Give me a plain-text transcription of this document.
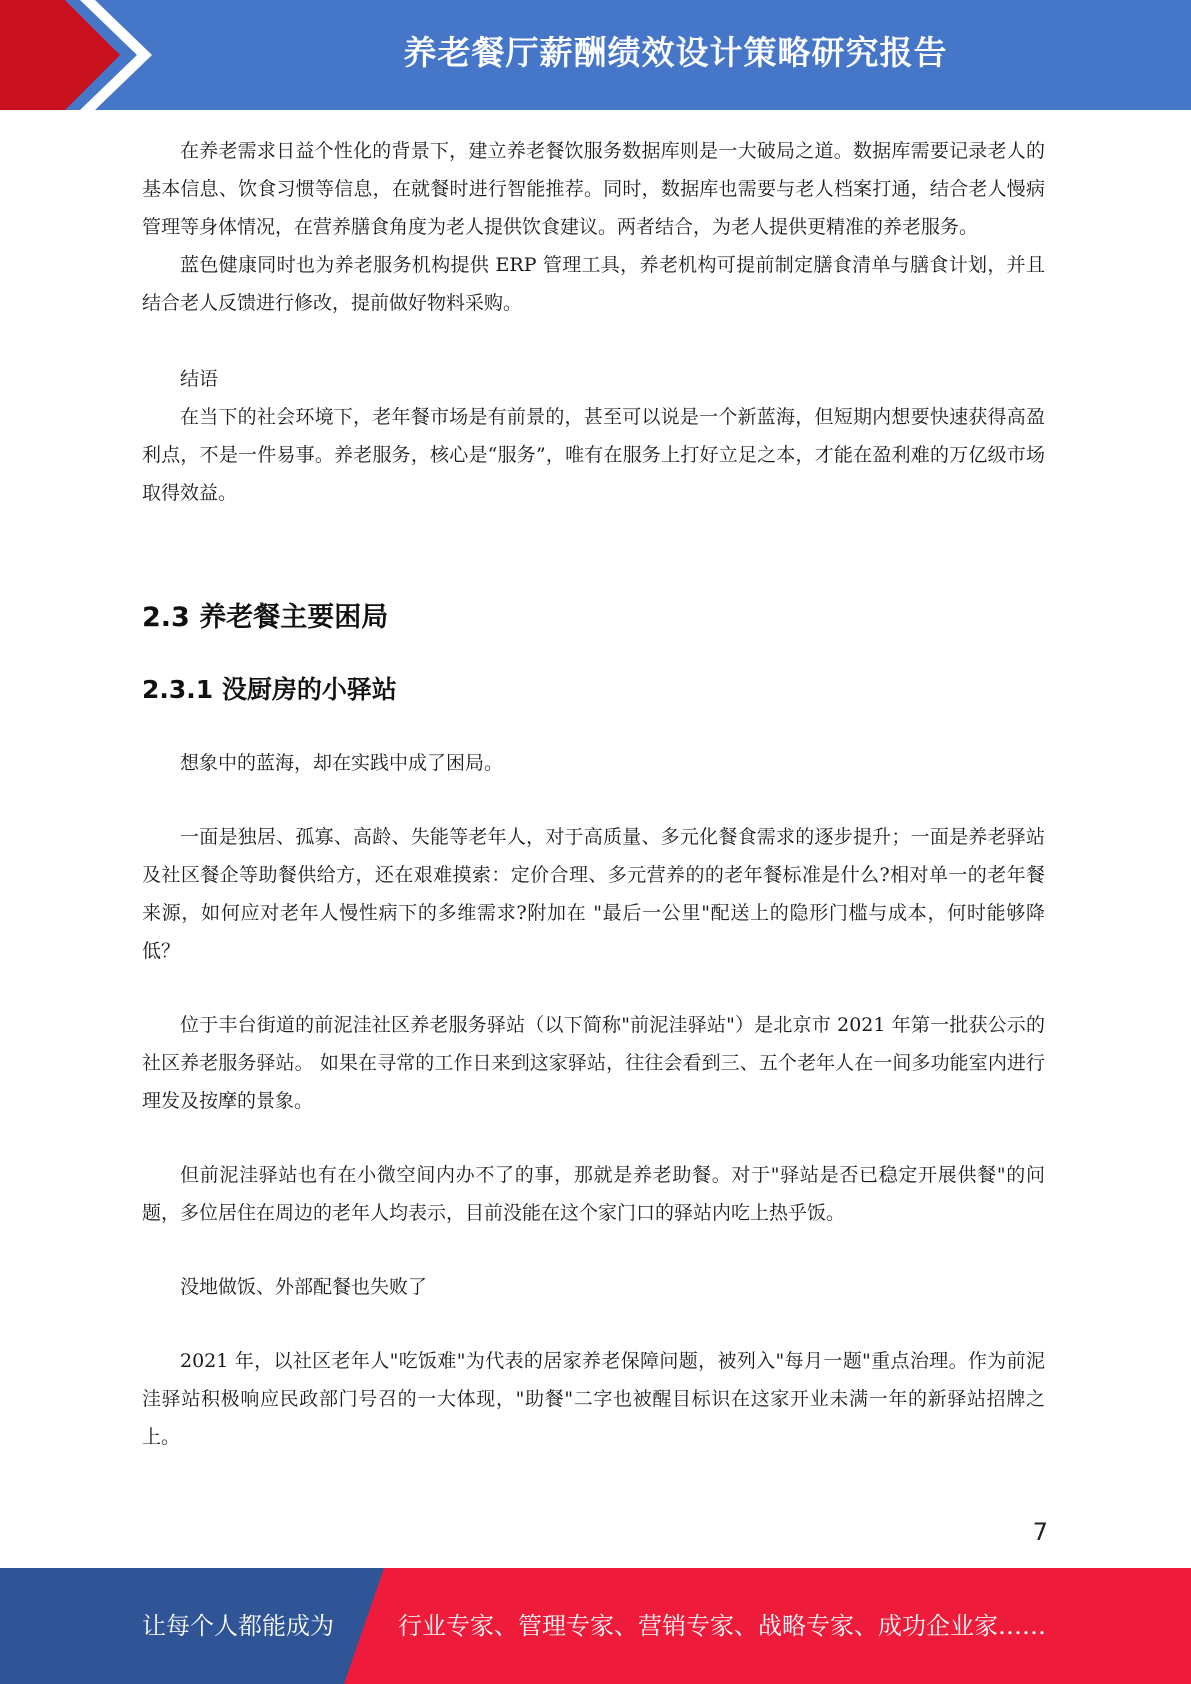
养老餐厅薪酬绩效设计策略研究报告

在养老需求日益个性化的背景下，建立养老餐饮服务数据库则是一大破局之道。数据库需要记录老人的基本信息、饮食习惯等信息，在就餐时进行智能推荐。同时，数据库也需要与老人档案打通，结合老人慢病管理等身体情况，在营养膳食角度为老人提供饮食建议。两者结合，为老人提供更精准的养老服务。

蓝色健康同时也为养老服务机构提供 ERP 管理工具，养老机构可提前制定膳食清单与膳食计划，并且结合老人反馈进行修改，提前做好物料采购。

结语

在当下的社会环境下，老年餐市场是有前景的，甚至可以说是一个新蓝海，但短期内想要快速获得高盈利点，不是一件易事。养老服务，核心是“服务”，唯有在服务上打好立足之本，才能在盈利难的万亿级市场取得效益。

2.3 养老餐主要困局
2.3.1 没厨房的小驿站

想象中的蓝海，却在实践中成了困局。

一面是独居、孤寡、高龄、失能等老年人，对于高质量、多元化餐食需求的逐步提升；一面是养老驿站及社区餐企等助餐供给方，还在艰难摸索：定价合理、多元营养的的老年餐标准是什么?相对单一的老年餐来源，如何应对老年人慢性病下的多维需求?附加在 "最后一公里"配送上的隐形门槛与成本，何时能够降低？

位于丰台街道的前泥洼社区养老服务驿站（以下简称"前泥洼驿站"）是北京市 2021 年第一批获公示的社区养老服务驿站。 如果在寻常的工作日来到这家驿站，往往会看到三、五个老年人在一间多功能室内进行理发及按摩的景象。

但前泥洼驿站也有在小微空间内办不了的事，那就是养老助餐。对于"驿站是否已稳定开展供餐"的问题，多位居住在周边的老年人均表示，目前没能在这个家门口的驿站内吃上热乎饭。

没地做饭、外部配餐也失败了

2021 年，以社区老年人"吃饭难"为代表的居家养老保障问题，被列入"每月一题"重点治理。作为前泥洼驿站积极响应民政部门号召的一大体现，"助餐"二字也被醒目标识在这家开业未满一年的新驿站招牌之上。

7
让每个人都能成为	行业专家、管理专家、营销专家、战略专家、成功企业家……
